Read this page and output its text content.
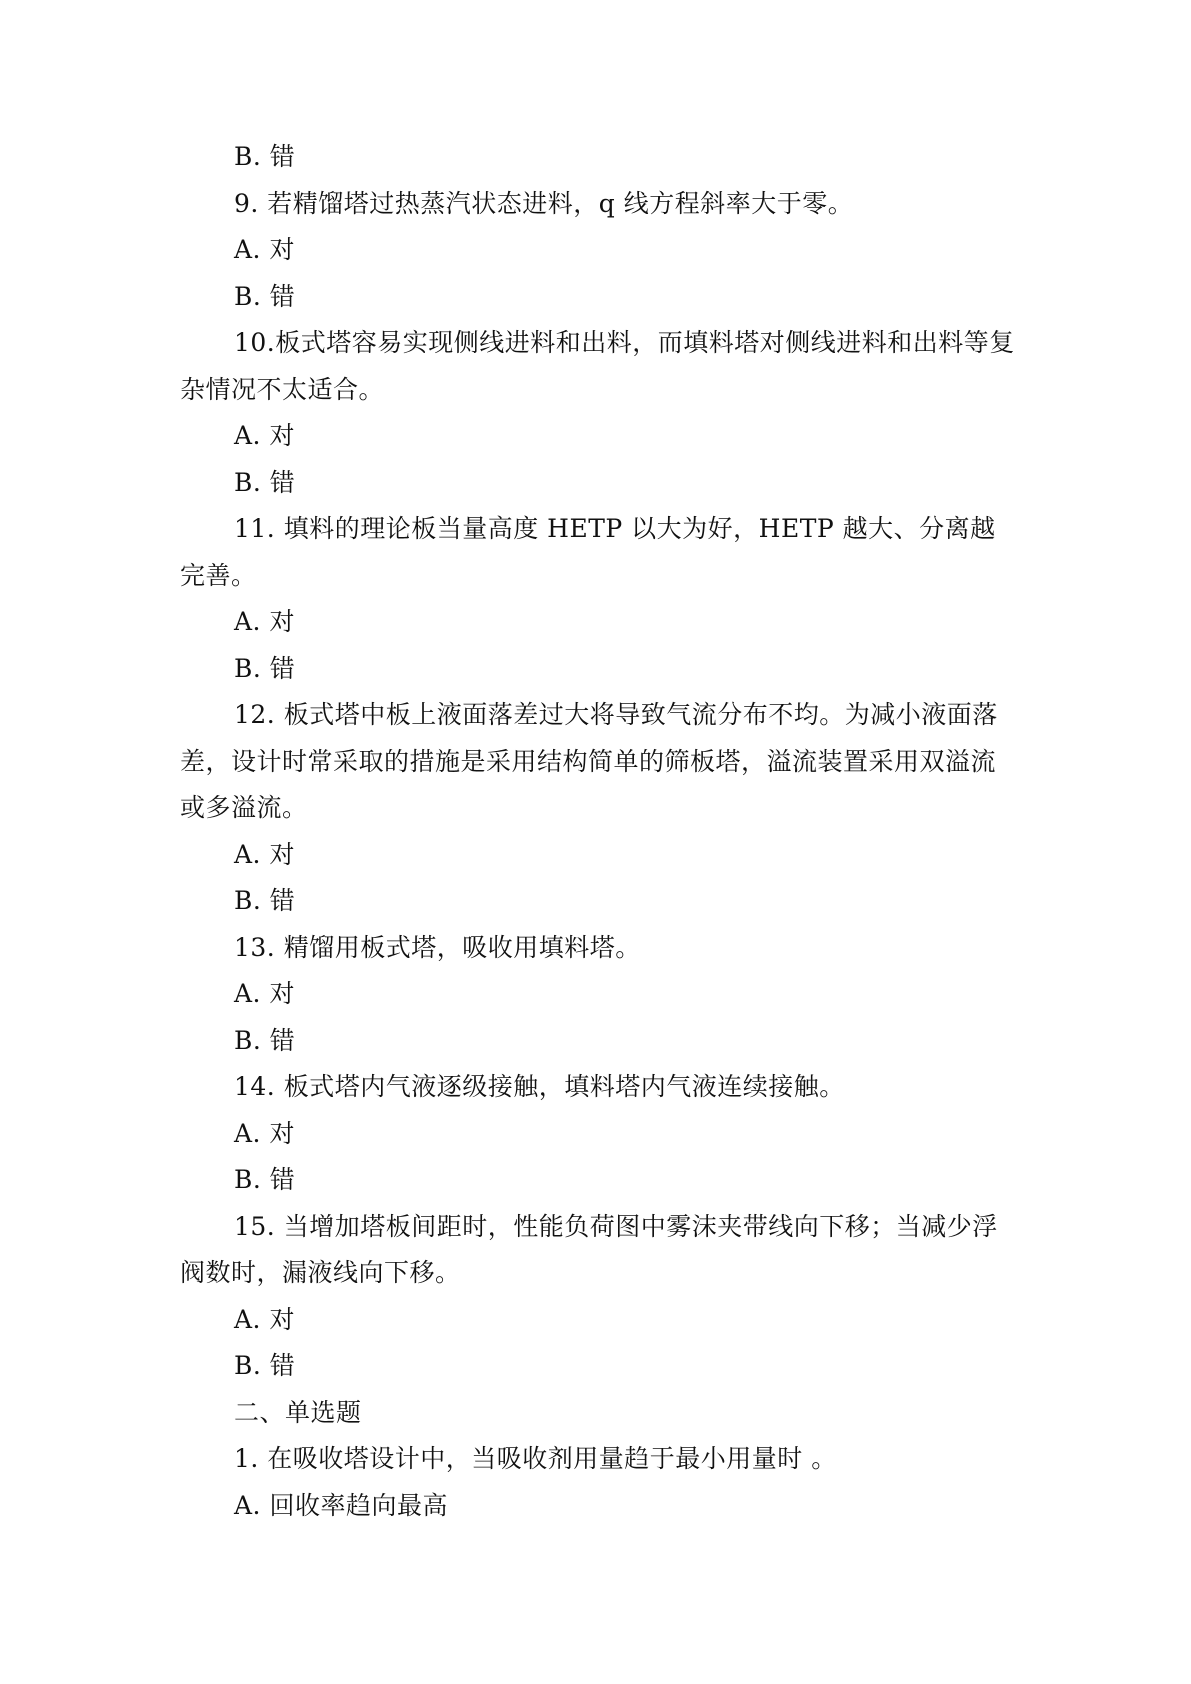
B. 错
9. 若精馏塔过热蒸汽状态进料，q 线方程斜率大于零。
A. 对
B. 错
10.板式塔容易实现侧线进料和出料，而填料塔对侧线进料和出料等复杂情况不太适合。
A. 对
B. 错
11. 填料的理论板当量高度 HETP 以大为好，HETP 越大、分离越完善。
A. 对
B. 错
12. 板式塔中板上液面落差过大将导致气流分布不均。为减小液面落差，设计时常采取的措施是采用结构简单的筛板塔，溢流装置采用双溢流或多溢流。
A. 对
B. 错
13. 精馏用板式塔，吸收用填料塔。
A. 对
B. 错
14. 板式塔内气液逐级接触，填料塔内气液连续接触。
A. 对
B. 错
15. 当增加塔板间距时，性能负荷图中雾沫夹带线向下移；当减少浮阀数时，漏液线向下移。
A. 对
B. 错
二、单选题
1. 在吸收塔设计中，当吸收剂用量趋于最小用量时 。
A. 回收率趋向最高
